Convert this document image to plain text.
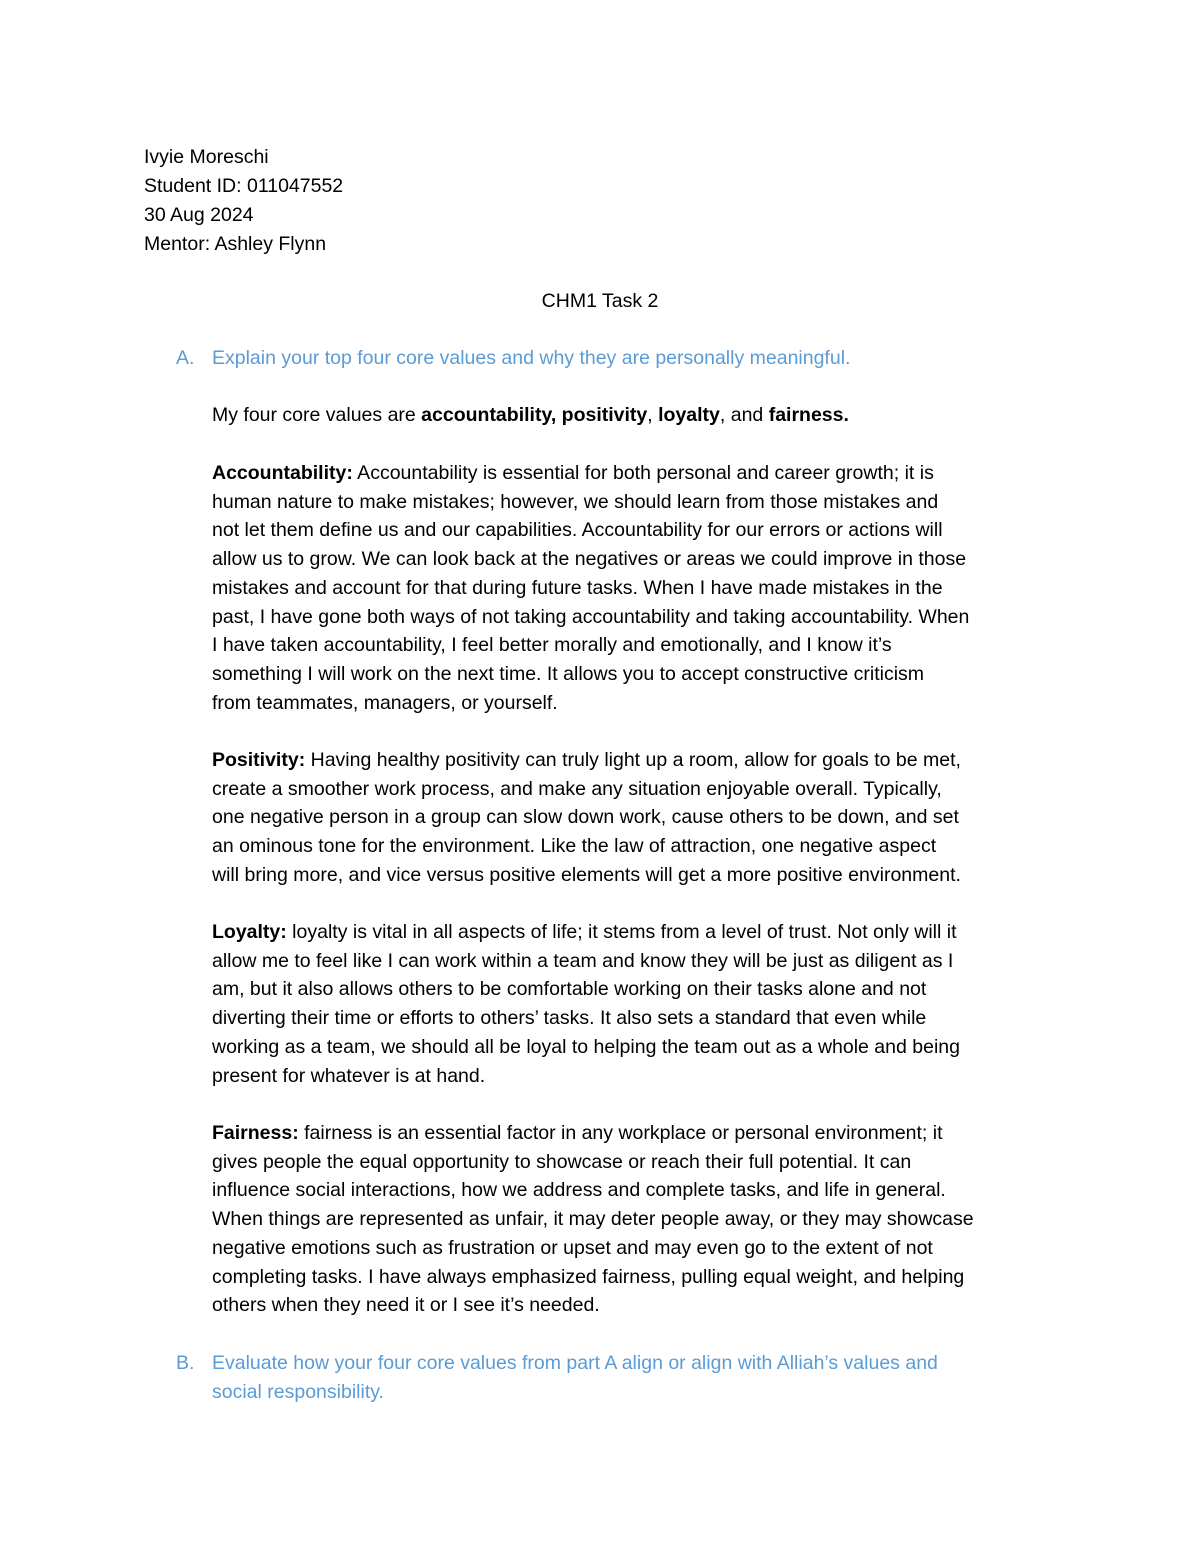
Ivyie Moreschi
Student ID: 011047552
30 Aug 2024
Mentor: Ashley Flynn
CHM1 Task 2
A. Explain your top four core values and why they are personally meaningful.
My four core values are accountability, positivity, loyalty, and fairness.
Accountability: Accountability is essential for both personal and career growth; it is
human nature to make mistakes; however, we should learn from those mistakes and
not let them define us and our capabilities. Accountability for our errors or actions will
allow us to grow. We can look back at the negatives or areas we could improve in those
mistakes and account for that during future tasks. When I have made mistakes in the
past, I have gone both ways of not taking accountability and taking accountability. When
I have taken accountability, I feel better morally and emotionally, and I know it’s
something I will work on the next time. It allows you to accept constructive criticism
from teammates, managers, or yourself.
Positivity: Having healthy positivity can truly light up a room, allow for goals to be met,
create a smoother work process, and make any situation enjoyable overall. Typically,
one negative person in a group can slow down work, cause others to be down, and set
an ominous tone for the environment. Like the law of attraction, one negative aspect
will bring more, and vice versus positive elements will get a more positive environment.
Loyalty: loyalty is vital in all aspects of life; it stems from a level of trust. Not only will it
allow me to feel like I can work within a team and know they will be just as diligent as I
am, but it also allows others to be comfortable working on their tasks alone and not
diverting their time or efforts to others’ tasks. It also sets a standard that even while
working as a team, we should all be loyal to helping the team out as a whole and being
present for whatever is at hand.
Fairness: fairness is an essential factor in any workplace or personal environment; it
gives people the equal opportunity to showcase or reach their full potential. It can
influence social interactions, how we address and complete tasks, and life in general.
When things are represented as unfair, it may deter people away, or they may showcase
negative emotions such as frustration or upset and may even go to the extent of not
completing tasks. I have always emphasized fairness, pulling equal weight, and helping
others when they need it or I see it’s needed.
B. Evaluate how your four core values from part A align or align with Alliah’s values and
social responsibility.
